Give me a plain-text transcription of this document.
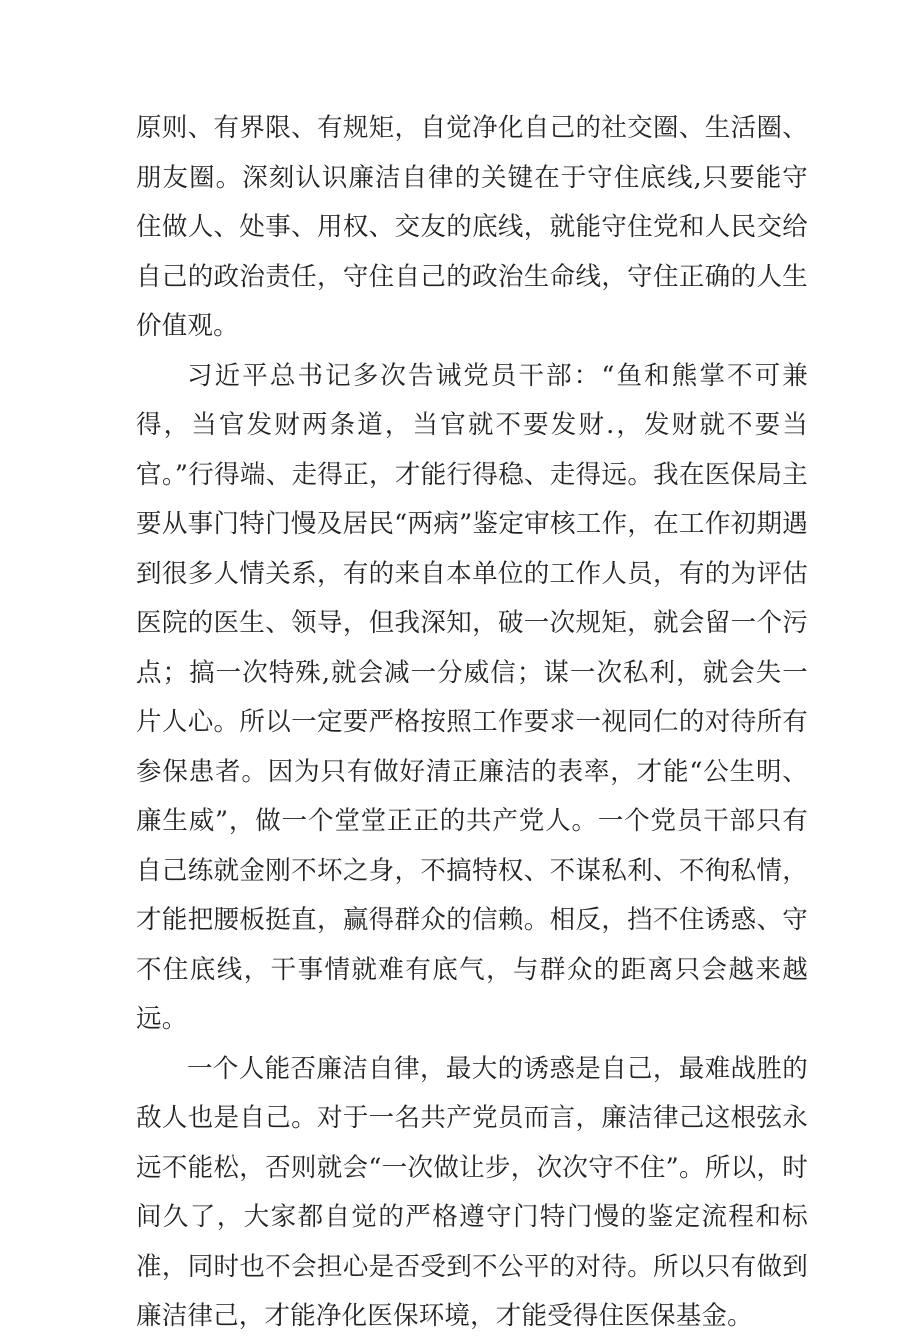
原则、有界限、有规矩，自觉净化自己的社交圈、生活圈、朋友圈。深刻认识廉洁自律的关键在于守住底线,只要能守住做人、处事、用权、交友的底线，就能守住党和人民交给自己的政治责任，守住自己的政治生命线，守住正确的人生价值观。

习近平总书记多次告诫党员干部：“鱼和熊掌不可兼得，当官发财两条道，当官就不要发财.，发财就不要当官。”行得端、走得正，才能行得稳、走得远。我在医保局主要从事门特门慢及居民“两病”鉴定审核工作，在工作初期遇到很多人情关系，有的来自本单位的工作人员，有的为评估医院的医生、领导，但我深知，破一次规矩，就会留一个污点；搞一次特殊,就会减一分威信；谋一次私利，就会失一片人心。所以一定要严格按照工作要求一视同仁的对待所有参保患者。因为只有做好清正廉洁的表率，才能“公生明、廉生威”，做一个堂堂正正的共产党人。一个党员干部只有自己练就金刚不坏之身，不搞特权、不谋私利、不徇私情，才能把腰板挺直，赢得群众的信赖。相反，挡不住诱惑、守不住底线，干事情就难有底气，与群众的距离只会越来越远。

一个人能否廉洁自律，最大的诱惑是自己，最难战胜的敌人也是自己。对于一名共产党员而言，廉洁律己这根弦永远不能松，否则就会“一次做让步，次次守不住”。所以，时间久了，大家都自觉的严格遵守门特门慢的鉴定流程和标准，同时也不会担心是否受到不公平的对待。所以只有做到廉洁律己，才能净化医保环境，才能受得住医保基金。
